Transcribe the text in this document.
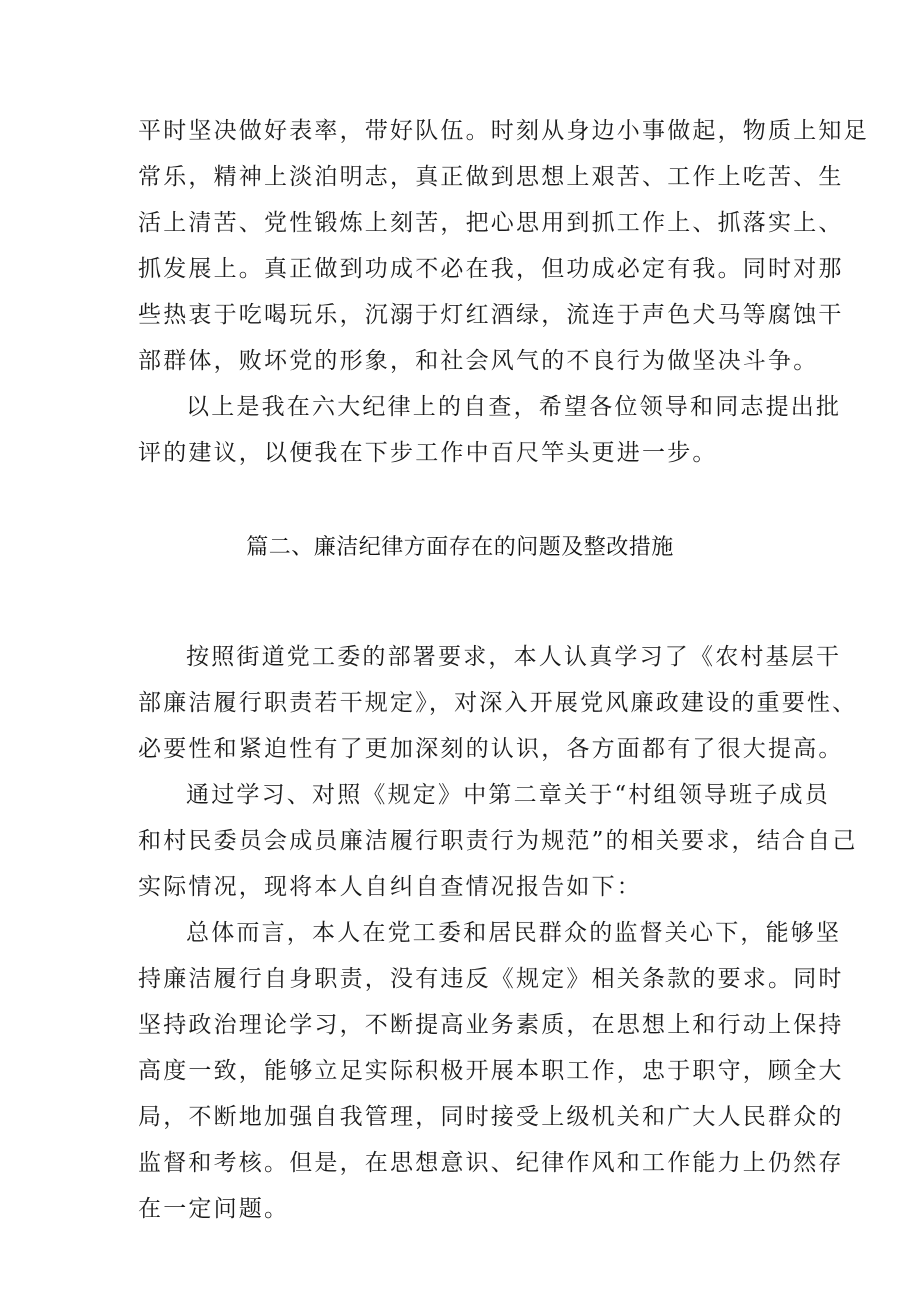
平时坚决做好表率，带好队伍。时刻从身边小事做起，物质上知足
常乐，精神上淡泊明志，真正做到思想上艰苦、工作上吃苦、生
活上清苦、党性锻炼上刻苦，把心思用到抓工作上、抓落实上、
抓发展上。真正做到功成不必在我，但功成必定有我。同时对那
些热衷于吃喝玩乐，沉溺于灯红酒绿，流连于声色犬马等腐蚀干
部群体，败坏党的形象，和社会风气的不良行为做坚决斗争。
以上是我在六大纪律上的自查，希望各位领导和同志提出批
评的建议，以便我在下步工作中百尺竿头更进一步。
篇二、廉洁纪律方面存在的问题及整改措施
按照街道党工委的部署要求，本人认真学习了《农村基层干
部廉洁履行职责若干规定》，对深入开展党风廉政建设的重要性、
必要性和紧迫性有了更加深刻的认识，各方面都有了很大提高。
通过学习、对照《规定》中第二章关于“村组领导班子成员
和村民委员会成员廉洁履行职责行为规范”的相关要求，结合自己
实际情况，现将本人自纠自查情况报告如下：
总体而言，本人在党工委和居民群众的监督关心下，能够坚
持廉洁履行自身职责，没有违反《规定》相关条款的要求。同时
坚持政治理论学习，不断提高业务素质，在思想上和行动上保持
高度一致，能够立足实际积极开展本职工作，忠于职守，顾全大
局，不断地加强自我管理，同时接受上级机关和广大人民群众的
监督和考核。但是，在思想意识、纪律作风和工作能力上仍然存
在一定问题。
